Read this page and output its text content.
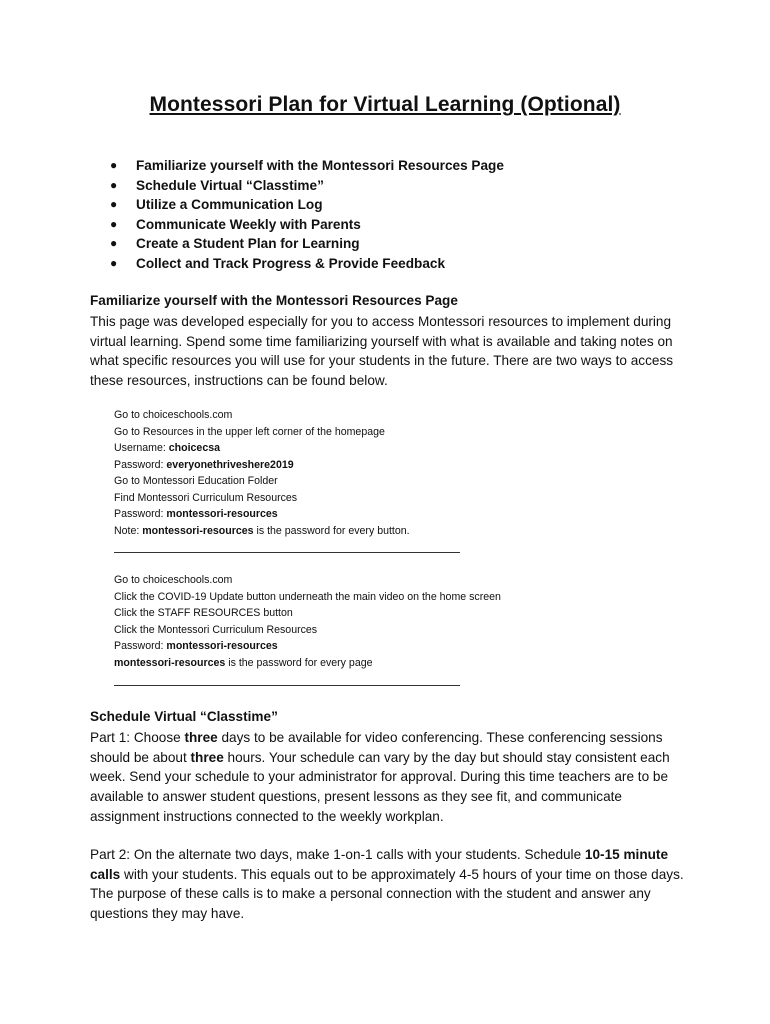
Montessori Plan for Virtual Learning (Optional)
●	Familiarize yourself with the Montessori Resources Page
●	Schedule Virtual “Classtime”
●	Utilize a Communication Log
●	Communicate Weekly with Parents
●	Create a Student Plan for Learning
●	Collect and Track Progress & Provide Feedback
Familiarize yourself with the Montessori Resources Page

This page was developed especially for you to access Montessori resources to implement during virtual learning. Spend some time familiarizing yourself with what is available and taking notes on what specific resources you will use for your students in the future. There are two ways to access these resources, instructions can be found below.

Go to choiceschools.com
Go to Resources in the upper left corner of the homepage
Username: choicecsa
Password: everyonethriveshere2019
Go to Montessori Education Folder
Find Montessori Curriculum Resources
Password: montessori-resources
Note: montessori-resources is the password for every button.
Go to choiceschools.com
Click the COVID-19 Update button underneath the main video on the home screen
Click the STAFF RESOURCES button
Click the Montessori Curriculum Resources
Password: montessori-resources
montessori-resources is the password for every page
Schedule Virtual “Classtime”

Part 1: Choose three days to be available for video conferencing. These conferencing sessions should be about three hours. Your schedule can vary by the day but should stay consistent each week. Send your schedule to your administrator for approval. During this time teachers are to be available to answer student questions, present lessons as they see fit, and communicate assignment instructions connected to the weekly workplan.

Part 2: On the alternate two days, make 1-on-1 calls with your students. Schedule 10-15 minute calls with your students. This equals out to be approximately 4-5 hours of your time on those days. The purpose of these calls is to make a personal connection with the student and answer any questions they may have.
